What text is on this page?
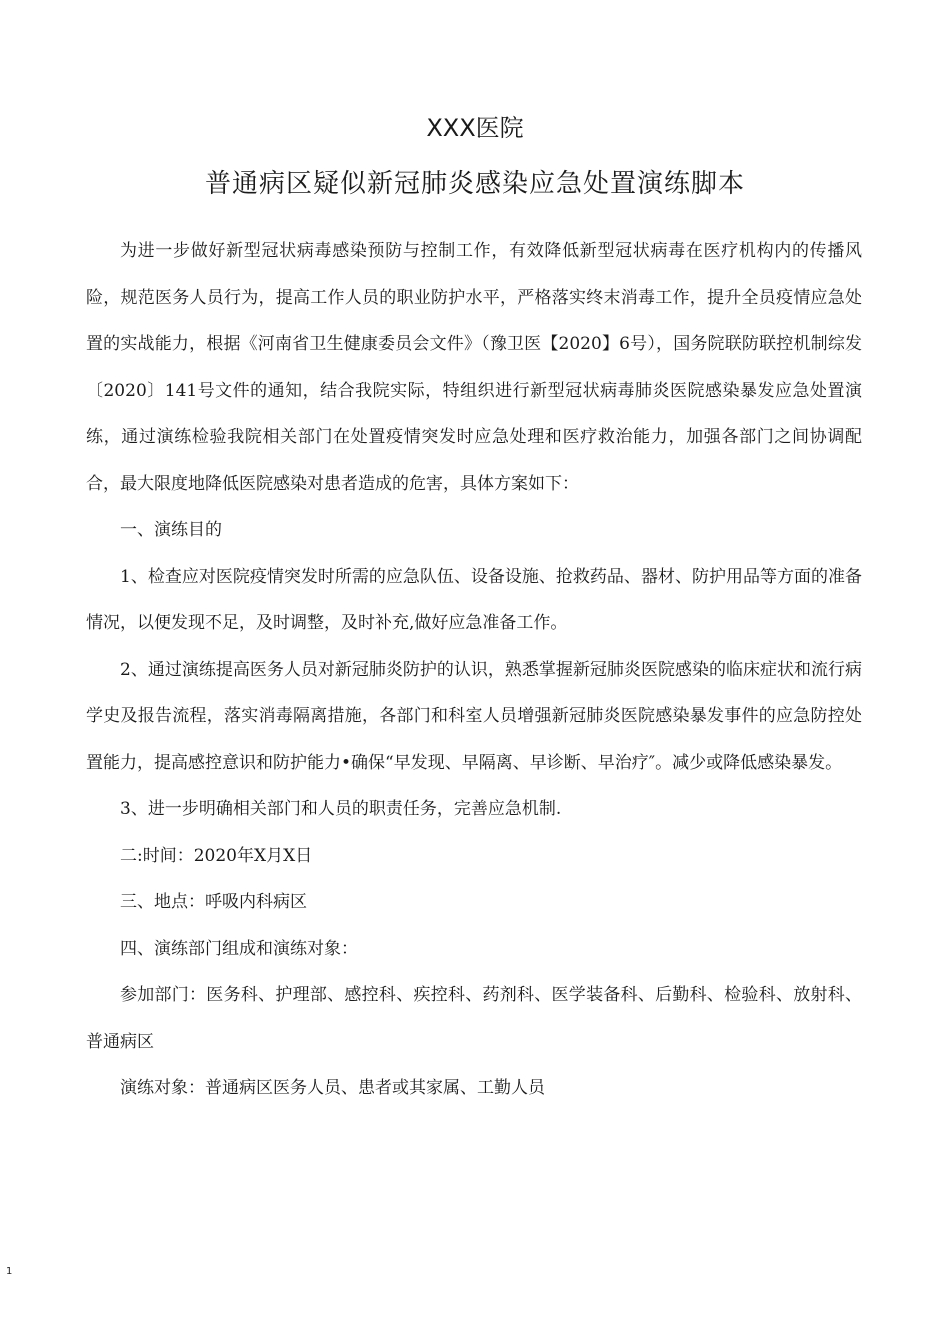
XXX医院
普通病区疑似新冠肺炎感染应急处置演练脚本

为进一步做好新型冠状病毒感染预防与控制工作，有效降低新型冠状病毒在医疗机构内的传播风险，规范医务人员行为，提高工作人员的职业防护水平，严格落实终末消毒工作，提升全员疫情应急处置的实战能力，根据《河南省卫生健康委员会文件》（豫卫医【2020】6号），国务院联防联控机制综发〔2020〕141号文件的通知，结合我院实际，特组织进行新型冠状病毒肺炎医院感染暴发应急处置演练，通过演练检验我院相关部门在处置疫情突发时应急处理和医疗救治能力，加强各部门之间协调配合，最大限度地降低医院感染对患者造成的危害，具体方案如下：

一、演练目的

1、检查应对医院疫情突发时所需的应急队伍、设备设施、抢救药品、器材、防护用品等方面的准备情况，以便发现不足，及时调整，及时补充,做好应急准备工作。

2、通过演练提高医务人员对新冠肺炎防护的认识，熟悉掌握新冠肺炎医院感染的临床症状和流行病学史及报告流程，落实消毒隔离措施，各部门和科室人员增强新冠肺炎医院感染暴发事件的应急防控处置能力，提高感控意识和防护能力•确保“早发现、早隔离、早诊断、早治疗″。减少或降低感染暴发。

3、进一步明确相关部门和人员的职责任务，完善应急机制.

二:时间：2020年X月X日

三、地点：呼吸内科病区

四、演练部门组成和演练对象：

参加部门：医务科、护理部、感控科、疾控科、药剂科、医学装备科、后勤科、检验科、放射科、普通病区

演练对象：普通病区医务人员、患者或其家属、工勤人员

1
